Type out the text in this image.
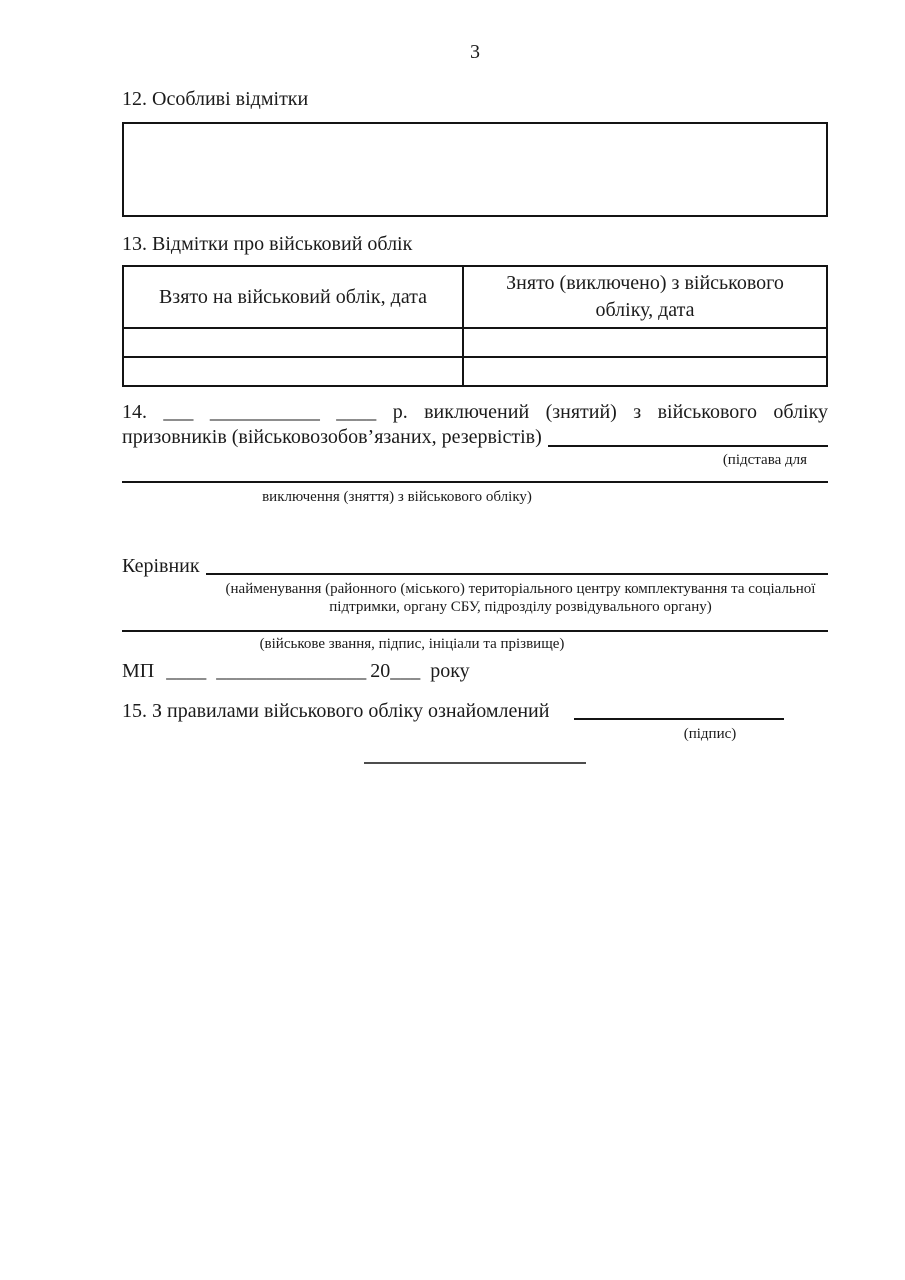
3
12. Особливі відмітки
13. Відмітки про військовий облік
Взято на військовий облік, дата	Знято (виключено) з військового обліку, дата

14. ___ ___________ ____ р. виключений (знятий) з військового обліку
призовників (військовозобов’язаних, резервістів)
(підстава для
виключення (зняття) з військового обліку)
Керівник
(найменування (районного (міського) територіального центру комплектування та соціальної
підтримки, органу СБУ, підрозділу розвідувального органу)
(військове звання, підпис, ініціали та прізвище)
МП ____ _______________ 20___ року
15. З правилами військового обліку ознайомлений
(підпис)
